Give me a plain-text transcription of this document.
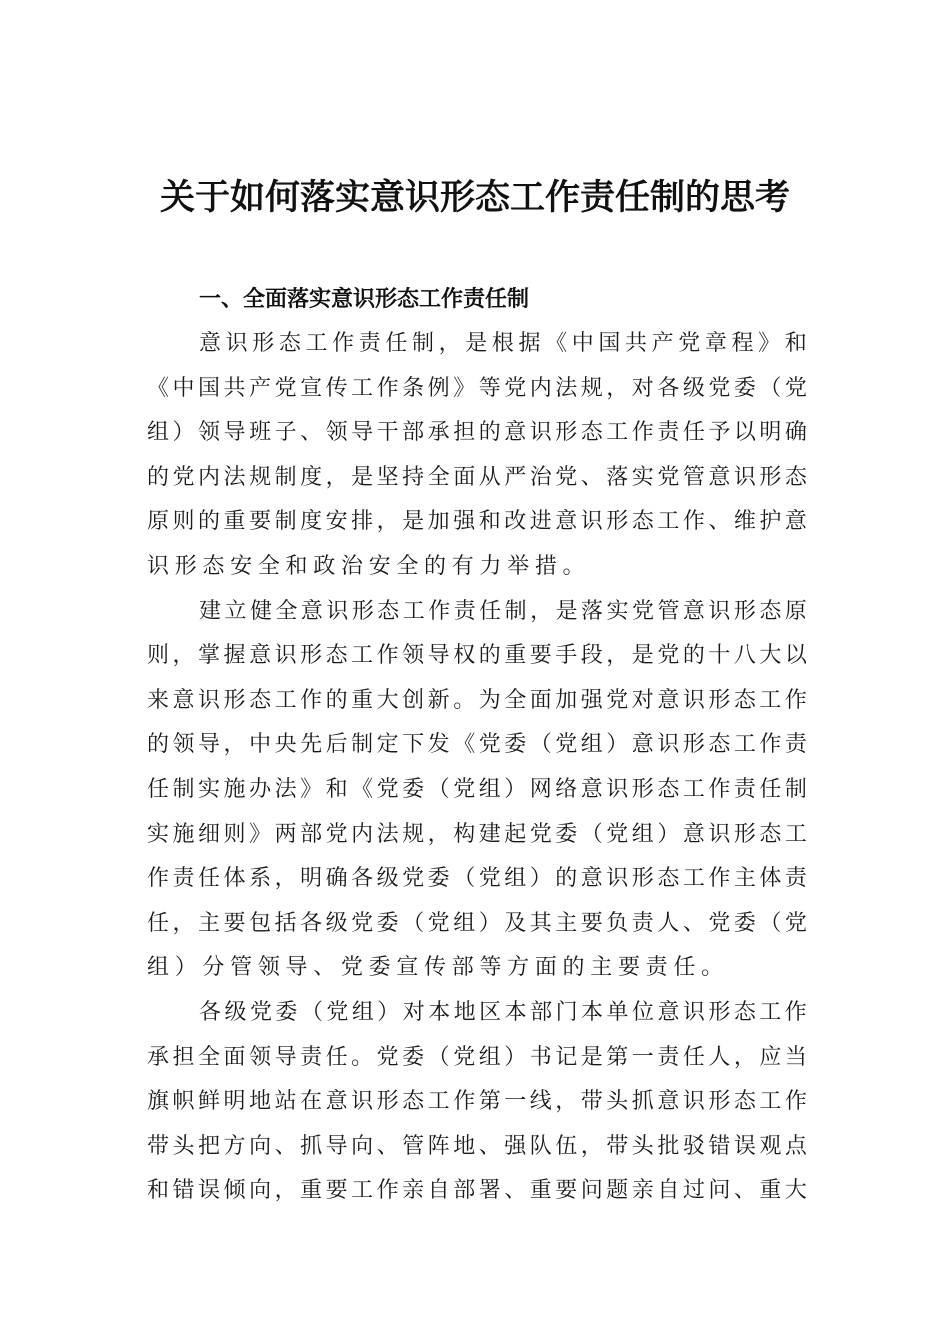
关于如何落实意识形态工作责任制的思考
一、全面落实意识形态工作责任制

意 识 形 态 工 作 责 任 制 ， 是 根 据 《 中 国 共 产 党 章 程 》 和

《 中 国 共 产 党 宣 传 工 作 条 例 》 等 党 内 法 规 ， 对 各 级 党 委 （ 党

组 ） 领 导 班 子 、 领 导 干 部 承 担 的 意 识 形 态 工 作 责 任 予 以 明 确

的 党 内 法 规 制 度 ， 是 坚 持 全 面 从 严 治 党 、 落 实 党 管 意 识 形 态

原 则 的 重 要 制 度 安 排 ， 是 加 强 和 改 进 意 识 形 态 工 作 、 维 护 意

识 形 态 安 全 和 政 治 安 全 的 有 力 举 措 。

建 立 健 全 意 识 形 态 工 作 责 任 制 ， 是 落 实 党 管 意 识 形 态 原

则 ， 掌 握 意 识 形 态 工 作 领 导 权 的 重 要 手 段 ， 是 党 的 十 八 大 以

来 意 识 形 态 工 作 的 重 大 创 新 。 为 全 面 加 强 党 对 意 识 形 态 工 作

的 领 导 ， 中 央 先 后 制 定 下 发 《 党 委 （ 党 组 ） 意 识 形 态 工 作 责

任 制 实 施 办 法 》 和 《 党 委 （ 党 组 ） 网 络 意 识 形 态 工 作 责 任 制

实 施 细 则 》 两 部 党 内 法 规 ， 构 建 起 党 委 （ 党 组 ） 意 识 形 态 工

作 责 任 体 系 ， 明 确 各 级 党 委 （ 党 组 ） 的 意 识 形 态 工 作 主 体 责

任 ， 主 要 包 括 各 级 党 委 （ 党 组 ） 及 其 主 要 负 责 人 、 党 委 （ 党

组 ） 分 管 领 导 、 党 委 宣 传 部 等 方 面 的 主 要 责 任 。

各 级 党 委 （ 党 组 ） 对 本 地 区 本 部 门 本 单 位 意 识 形 态 工 作

承 担 全 面 领 导 责 任 。 党 委 （ 党 组 ） 书 记 是 第 一 责 任 人 ， 应 当

旗 帜 鲜 明 地 站 在 意 识 形 态 工 作 第 一 线 ， 带 头 抓 意 识 形 态 工 作

带 头 把 方 向 、 抓 导 向 、 管 阵 地 、 强 队 伍 ， 带 头 批 驳 错 误 观 点

和 错 误 倾 向 ， 重 要 工 作 亲 自 部 署 、 重 要 问 题 亲 自 过 问 、 重 大
